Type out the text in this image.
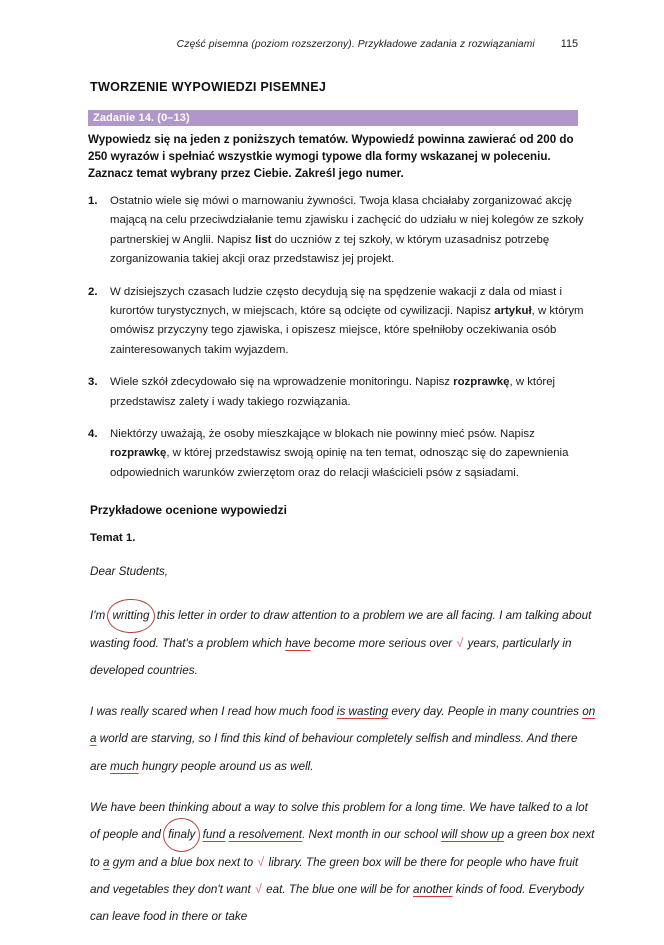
Część pisemna (poziom rozszerzony). Przykładowe zadania z rozwiązaniami 115
TWORZENIE WYPOWIEDZI PISEMNEJ
Zadanie 14. (0–13)
Wypowiedz się na jeden z poniższych tematów. Wypowiedź powinna zawierać od 200 do 250 wyrazów i spełniać wszystkie wymogi typowe dla formy wskazanej w poleceniu. Zaznacz temat wybrany przez Ciebie. Zakreśl jego numer.
1.	Ostatnio wiele się mówi o marnowaniu żywności. Twoja klasa chciałaby zorganizować akcję mającą na celu przeciwdziałanie temu zjawisku i zachęcić do udziału w niej kolegów ze szkoły partnerskiej w Anglii. Napisz list do uczniów z tej szkoły, w którym uzasadnisz potrzebę zorganizowania takiej akcji oraz przedstawisz jej projekt.
2.	W dzisiejszych czasach ludzie często decydują się na spędzenie wakacji z dala od miast i kurortów turystycznych, w miejscach, które są odcięte od cywilizacji. Napisz artykuł, w którym omówisz przyczyny tego zjawiska, i opiszesz miejsce, które spełniłoby oczekiwania osób zainteresowanych takim wyjazdem.
3.	Wiele szkół zdecydowało się na wprowadzenie monitoringu. Napisz rozprawkę, w której przedstawisz zalety i wady takiego rozwiązania.
4.	Niektórzy uważają, że osoby mieszkające w blokach nie powinny mieć psów. Napisz rozprawkę, w której przedstawisz swoją opinię na ten temat, odnosząc się do zapewnienia odpowiednich warunków zwierzętom oraz do relacji właścicieli psów z sąsiadami.
Przykładowe ocenione wypowiedzi
Temat 1.

Dear Students,

I'm writting this letter in order to draw attention to a problem we are all facing. I am talking about wasting food. That's a problem which have become more serious over √ years, particularly in developed countries.

I was really scared when I read how much food is wasting every day. People in many countries on a world are starving, so I find this kind of behaviour completely selfish and mindless. And there are much hungry people around us as well.

We have been thinking about a way to solve this problem for a long time. We have talked to a lot of people and finaly fund a resolvement. Next month in our school will show up a green box next to a gym and a blue box next to √ library. The green box will be there for people who have fruit and vegetables they don't want √ eat. The blue one will be for another kinds of food. Everybody can leave food in there or take
